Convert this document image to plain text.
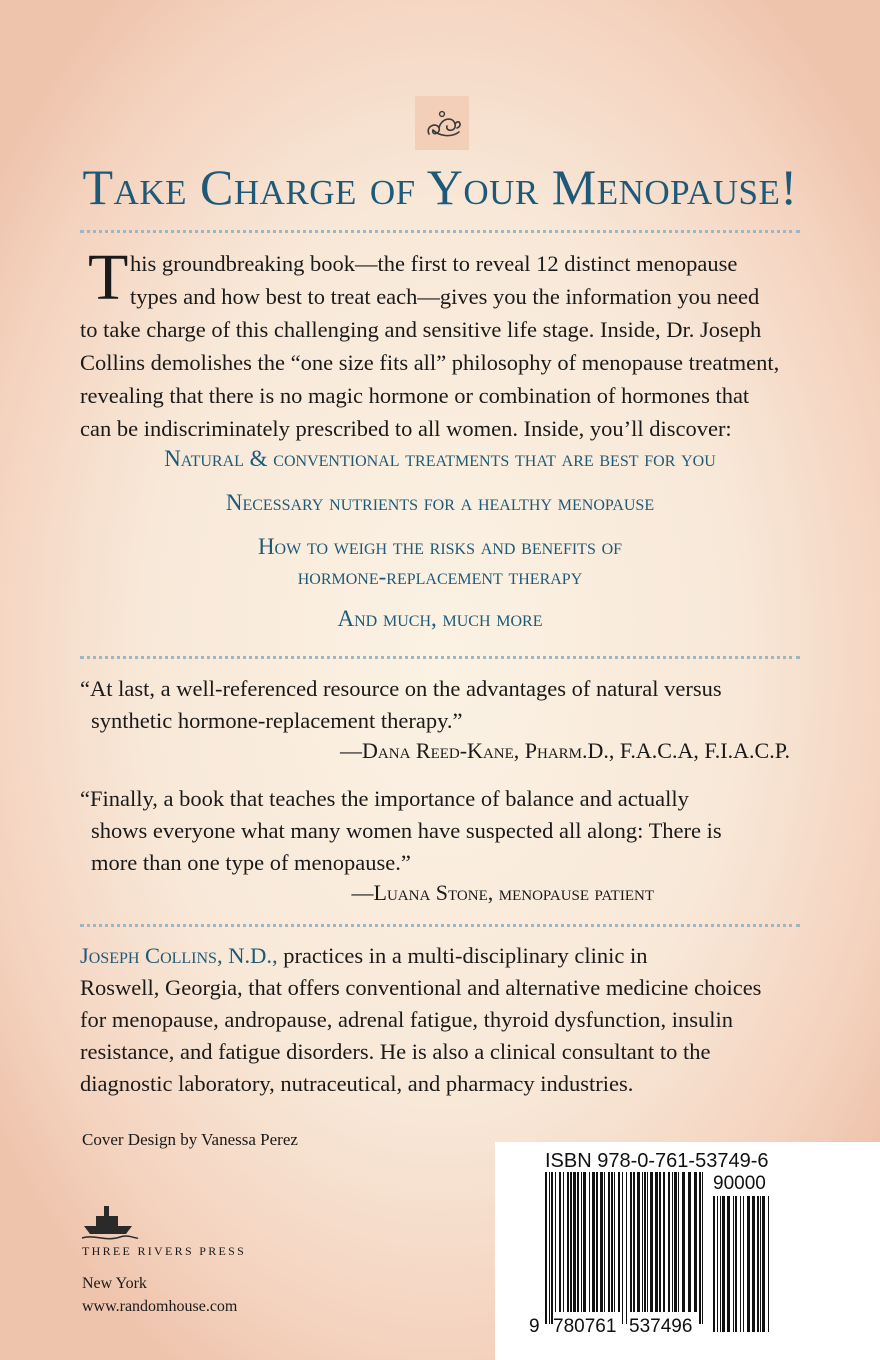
Take Charge of Your Menopause!
T his groundbreaking book—the first to reveal 12 distinct menopause
types and how best to treat each—gives you the information you need
to take charge of this challenging and sensitive life stage. Inside, Dr. Joseph
Collins demolishes the “one size fits all” philosophy of menopause treatment,
revealing that there is no magic hormone or combination of hormones that
can be indiscriminately prescribed to all women. Inside, you’ll discover:
Natural & conventional treatments that are best for you
Necessary nutrients for a healthy menopause
How to weigh the risks and benefits of
hormone-replacement therapy
And much, much more
“At last, a well-referenced resource on the advantages of natural versus
synthetic hormone-replacement therapy.”
—Dana Reed-Kane, Pharm.D., F.A.C.A, F.I.A.C.P.
“Finally, a book that teaches the importance of balance and actually
shows everyone what many women have suspected all along: There is
more than one type of menopause.”
—Luana Stone, menopause patient
Joseph Collins, N.D., practices in a multi-disciplinary clinic in
Roswell, Georgia, that offers conventional and alternative medicine choices
for menopause, andropause, adrenal fatigue, thyroid dysfunction, insulin
resistance, and fatigue disorders. He is also a clinical consultant to the
diagnostic laboratory, nutraceutical, and pharmacy industries.
Cover Design by Vanessa Perez
THREE RIVERS PRESS
New York
www.randomhouse.com
ISBN 978-0-761-53749-6
90000
9 780761 537496
